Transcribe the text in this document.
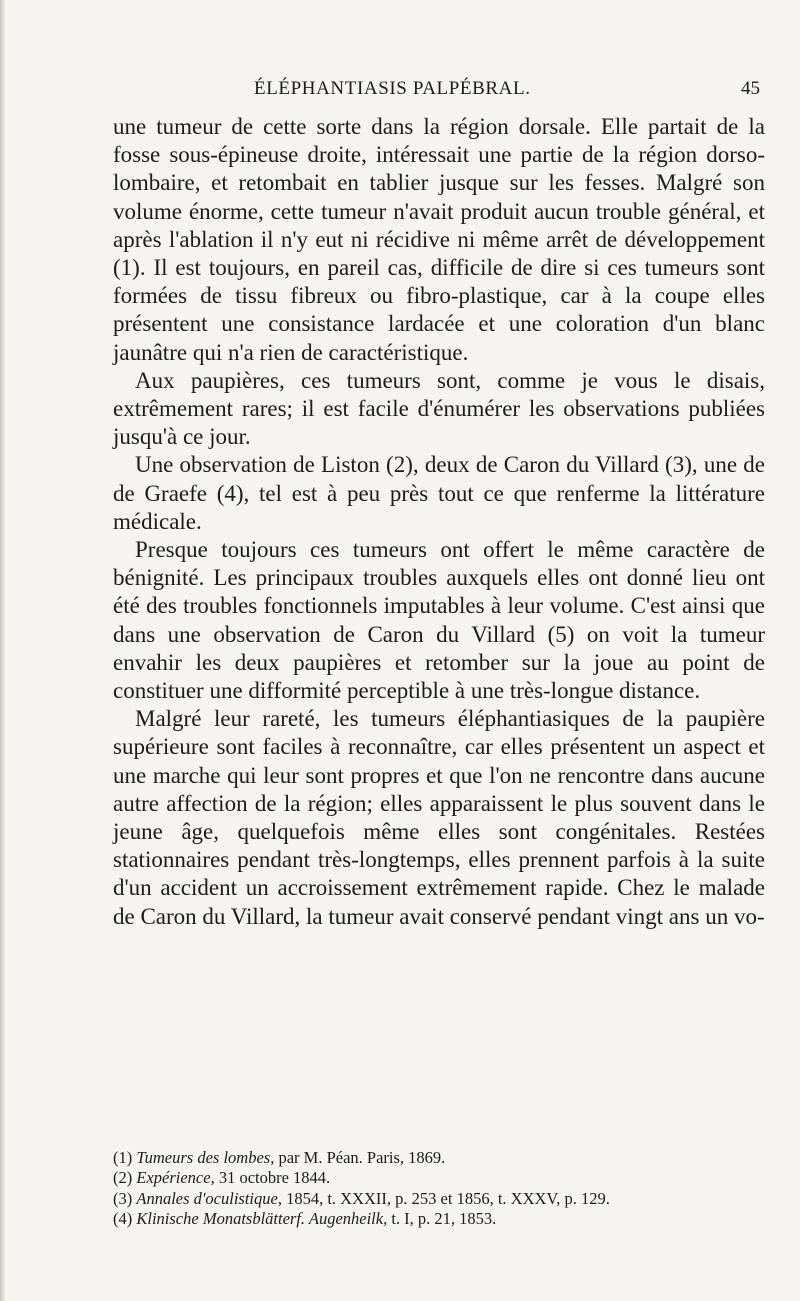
ÉLÉPHANTIASIS PALPÉBRAL.	45

une tumeur de cette sorte dans la région dorsale. Elle partait de la fosse sous-épineuse droite, intéressait une partie de la région dorso-lombaire, et retombait en tablier jusque sur les fesses. Malgré son volume énorme, cette tumeur n'avait produit aucun trouble général, et après l'ablation il n'y eut ni récidive ni même arrêt de développement (1). Il est toujours, en pareil cas, difficile de dire si ces tumeurs sont formées de tissu fibreux ou fibro-plastique, car à la coupe elles présentent une consistance lardacée et une coloration d'un blanc jaunâtre qui n'a rien de caractéristique.

Aux paupières, ces tumeurs sont, comme je vous le disais, extrêmement rares; il est facile d'énumérer les observations publiées jusqu'à ce jour.

Une observation de Liston (2), deux de Caron du Villard (3), une de de Graefe (4), tel est à peu près tout ce que renferme la littérature médicale.

Presque toujours ces tumeurs ont offert le même caractère de bénignité. Les principaux troubles auxquels elles ont donné lieu ont été des troubles fonctionnels imputables à leur volume. C'est ainsi que dans une observation de Caron du Villard (5) on voit la tumeur envahir les deux paupières et retomber sur la joue au point de constituer une difformité perceptible à une très-longue distance.

Malgré leur rareté, les tumeurs éléphantiasiques de la paupière supérieure sont faciles à reconnaître, car elles présentent un aspect et une marche qui leur sont propres et que l'on ne rencontre dans aucune autre affection de la région; elles apparaissent le plus souvent dans le jeune âge, quelquefois même elles sont congénitales. Restées stationnaires pendant très-longtemps, elles prennent parfois à la suite d'un accident un accroissement extrêmement rapide. Chez le malade de Caron du Villard, la tumeur avait conservé pendant vingt ans un vo-

(1) Tumeurs des lombes, par M. Péan. Paris, 1869.

(2) Expérience, 31 octobre 1844.

(3) Annales d'oculistique, 1854, t. XXXII, p. 253 et 1856, t. XXXV, p. 129.

(4) Klinische Monatsblätterf. Augenheilk, t. I, p. 21, 1853.
